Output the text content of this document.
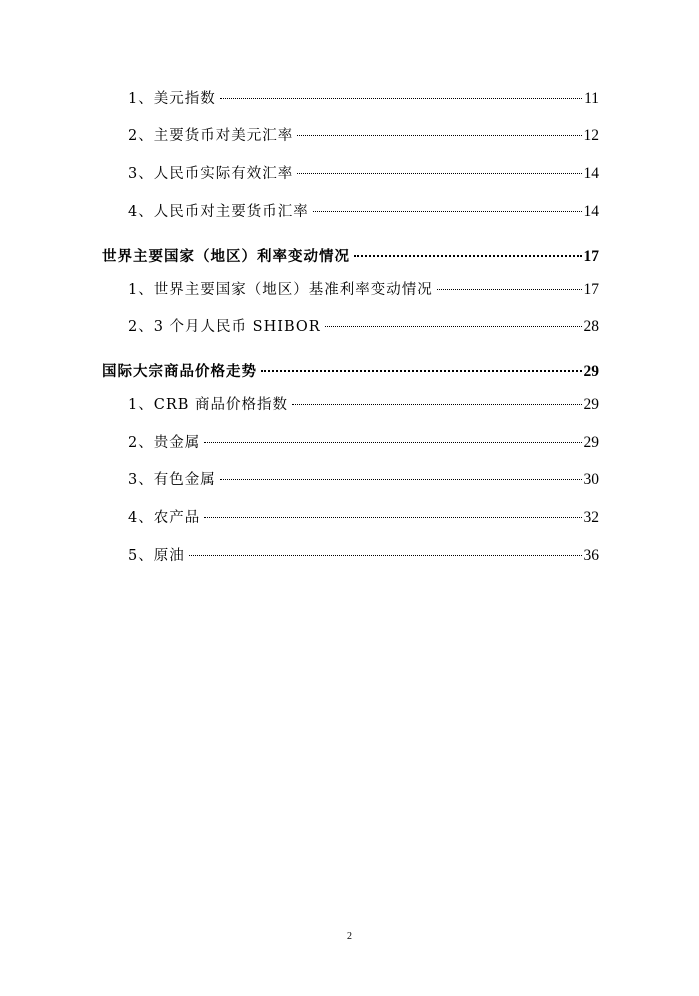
1、美元指数	11
2、主要货币对美元汇率	12
3、人民币实际有效汇率	14
4、人民币对主要货币汇率	14
世界主要国家（地区）利率变动情况	17
1、世界主要国家（地区）基准利率变动情况	17
2、3 个月人民币 SHIBOR	28
国际大宗商品价格走势	29
1、CRB 商品价格指数	29
2、贵金属	29
3、有色金属	30
4、农产品	32
5、原油	36
2
